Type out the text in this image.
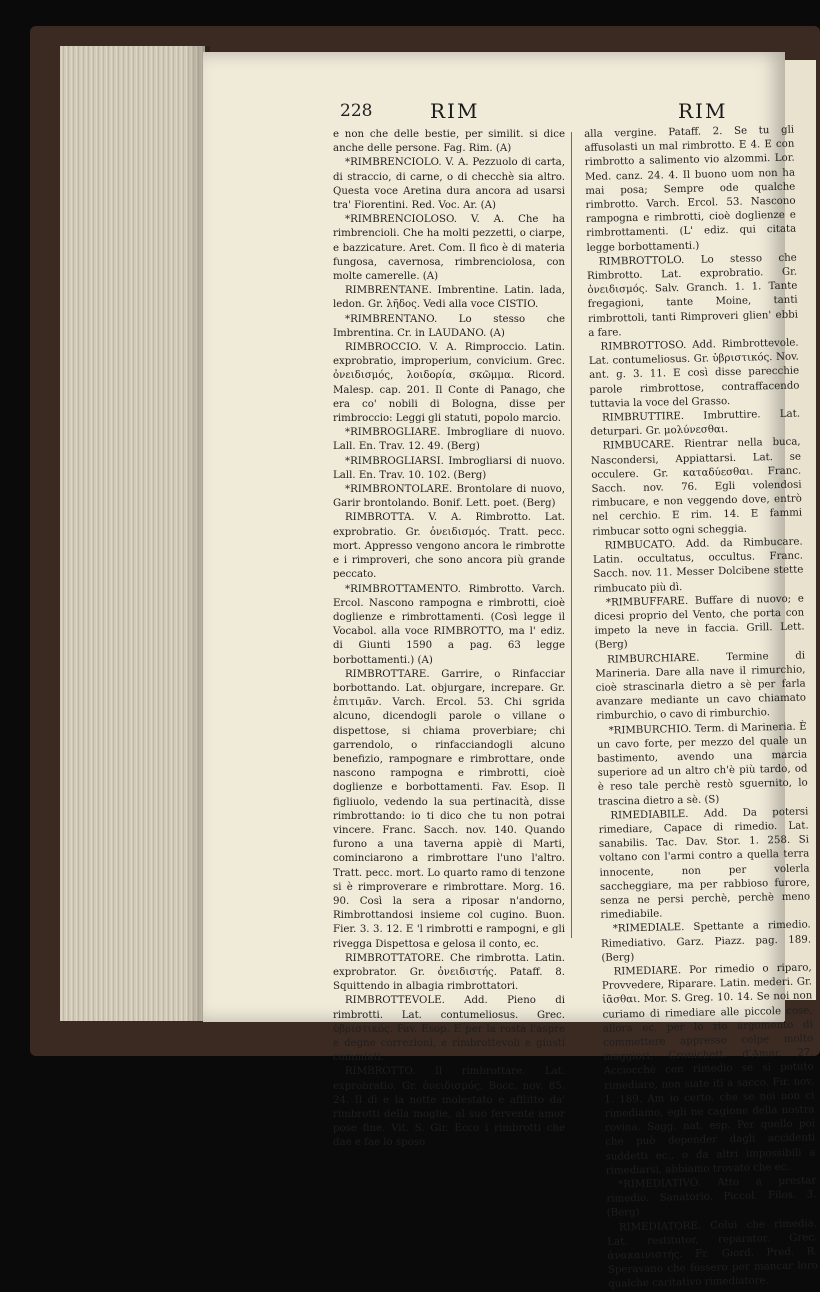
228	RIM	RIM

e non che delle bestie, per similit. si dice anche delle persone. Fag. Rim. (A)

*RIMBRENCIOLO. V. A. Pezzuolo di carta, di straccio, di carne, o di checchè sia altro. Questa voce Aretina dura ancora ad usarsi tra' Fiorentini. Red. Voc. Ar. (A)

*RIMBRENCIOLOSO. V. A. Che ha rimbrencioli. Che ha molti pezzetti, o ciarpe, e bazzicature. Aret. Com. Il fico è di materia fungosa, cavernosa, rimbrenciolosa, con molte camerelle. (A)

RIMBRENTANE. Imbrentine. Latin. lada, ledon. Gr. λῆδος. Vedi alla voce CISTIO.

*RIMBRENTANO. Lo stesso che Imbrentina. Cr. in LAUDANO. (A)

RIMBROCCIO. V. A. Rimproccio. Latin. exprobratio, improperium, convicium. Grec. ὀνειδισμός, λοιδορία, σκῶμμα. Ricord. Malesp. cap. 201. Il Conte di Panago, che era co' nobili di Bologna, disse per rimbroccio: Leggi gli statuti, popolo marcio.

*RIMBROGLIARE. Imbrogliare di nuovo. Lall. En. Trav. 12. 49. (Berg)

*RIMBROGLIARSI. Imbrogliarsi di nuovo. Lall. En. Trav. 10. 102. (Berg)

*RIMBRONTOLARE. Brontolare di nuovo, Garir brontolando. Bonif. Lett. poet. (Berg)

RIMBROTTA. V. A. Rimbrotto. Lat. exprobratio. Gr. ὀνειδισμός. Tratt. pecc. mort. Appresso vengono ancora le rimbrotte e i rimproveri, che sono ancora più grande peccato.

*RIMBROTTAMENTO. Rimbrotto. Varch. Ercol. Nascono rampogna e rimbrotti, cioè doglienze e rimbrottamenti. (Così legge il Vocabol. alla voce RIMBROTTO, ma l' ediz. di Giunti 1590 a pag. 63 legge borbottamenti.) (A)

RIMBROTTARE. Garrire, o Rinfacciar borbottando. Lat. objurgare, increpare. Gr. ἐπιτιμᾶν. Varch. Ercol. 53. Chi sgrida alcuno, dicendogli parole o villane o dispettose, si chiama proverbiare; chi garrendolo, o rinfacciandogli alcuno benefizio, rampognare e rimbrottare, onde nascono rampogna e rimbrotti, cioè doglienze e borbottamenti. Fav. Esop. Il figliuolo, vedendo la sua pertinacità, disse rimbrottando: io ti dico che tu non potrai vincere. Franc. Sacch. nov. 140. Quando furono a una taverna appiè di Marti, cominciarono a rimbrottare l'uno l'altro. Tratt. pecc. mort. Lo quarto ramo di tenzone si è rimproverare e rimbrottare. Morg. 16. 90. Così la sera a riposar n'andorno, Rimbrottandosi insieme col cugino. Buon. Fier. 3. 3. 12. E 'l rimbrotti e rampogni, e gli rivegga Dispettosa e gelosa il conto, ec.

RIMBROTTATORE. Che rimbrotta. Latin. exprobrator. Gr. ὀνειδιστής. Pataff. 8. Squittendo in albagia rimbrottatori.

RIMBROTTEVOLE. Add. Pieno di rimbrotti. Lat. contumeliosus. Grec. ὑβριστικός. Fav. Esop. E per la rosta l'aspre e degne correzioni, e rimbrottevoli e giusti commiati.

RIMBROTTO. Il rimbrottare. Lat. exprobratio. Gr. ὀνειδισμός. Bocc. nov. 85. 24. Il dì e la notte molestato e afflitto da' rimbrotti della moglie, al suo fervente amor pose fine. Vit. S. Gir. Ecco i rimbrotti che dae e fae lo sposo

alla vergine. Pataff. 2. Se tu gli affusolasti un mal rimbrotto. E 4. E con rimbrotto a salimento vio alzommi. Lor. Med. canz. 24. 4. Il buono uom non ha mai posa; Sempre ode qualche rimbrotto. Varch. Ercol. 53. Nascono rampogna e rimbrotti, cioè doglienze e rimbrottamenti. (L' ediz. qui citata legge borbottamenti.)

RIMBROTTOLO. Lo stesso che Rimbrotto. Lat. exprobratio. Gr. ὀνειδισμός. Salv. Granch. 1. 1. Tante fregagioni, tante Moine, tanti rimbrottoli, tanti Rimproveri glien' ebbi a fare.

RIMBROTTOSO. Add. Rimbrottevole. Lat. contumeliosus. Gr. ὑβριστικός. Nov. ant. g. 3. 11. E così disse parecchie parole rimbrottose, contraffacendo tuttavia la voce del Grasso.

RIMBRUTTIRE. Imbruttire. Lat. deturpari. Gr. μολύνεσθαι.

RIMBUCARE. Rientrar nella buca, Nascondersi, Appiattarsi. Lat. se occulere. Gr. καταδύεσθαι. Franc. Sacch. nov. 76. Egli volendosi rimbucare, e non veggendo dove, entrò nel cerchio. E rim. 14. E fammi rimbucar sotto ogni scheggia.

RIMBUCATO. Add. da Rimbucare. Latin. occultatus, occultus. Franc. Sacch. nov. 11. Messer Dolcibene stette rimbucato più dì.

*RIMBUFFARE. Buffare di nuovo; e dicesi proprio del Vento, che porta con impeto la neve in faccia. Grill. Lett. (Berg)

RIMBURCHIARE. Termine di Marineria. Dare alla nave il rimurchio, cioè strascinarla dietro a sè per farla avanzare mediante un cavo chiamato rimburchio, o cavo di rimburchio.

*RIMBURCHIO. Term. di Marineria. È un cavo forte, per mezzo del quale un bastimento, avendo una marcia superiore ad un altro ch'è più tardo, od è reso tale perchè restò sguernito, lo trascina dietro a sè. (S)

RIMEDIABILE. Add. Da potersi rimediare, Capace di rimedio. Lat. sanabilis. Tac. Dav. Stor. 1. 258. Si voltano con l'armi contro a quella terra innocente, non per volerla saccheggiare, ma per rabbioso furore, senza ne persi perchè, perchè meno rimediabile.

*RIMEDIALE. Spettante a rimedio. Rimediativo. Garz. Piazz. pag. 189. (Berg)

RIMEDIARE. Por rimedio o riparo, Provvedere, Riparare. Latin. mederi. Gr. ἰᾶσθαι. Mor. S. Greg. 10. 14. Se noi non curiamo di rimediare alle piccole cose, allora ec. per lo rio argomento di commettere appresso colpe molto maggiori. Cronichett. d'Amar. 27. Acciocchè con rimedio se si potuto rimediare, non siate iti a sacco. Fir. nov. 1. 189. Am io certo, che se noi non ci rimediamo, egli ne cagione della nostra rovina. Sagg. nat. esp. Per quello poi che può depender dagli accidenti suddetti ec., o da altri impossibili a rimediarsi, abbiamo trovato che ec.

*RIMEDIATIVO. Atto a prestar rimedio. Sanatorio. Piccol. Filos. 3. (Berg)

RIMEDIATORE. Colui che rimedia. Lat. restitutor, reparator. Grec. ἀνακαινιστής. Fr. Giord. Pred. R. Speravano che fossero per mancar loro qualche caritativo rimediatore.
